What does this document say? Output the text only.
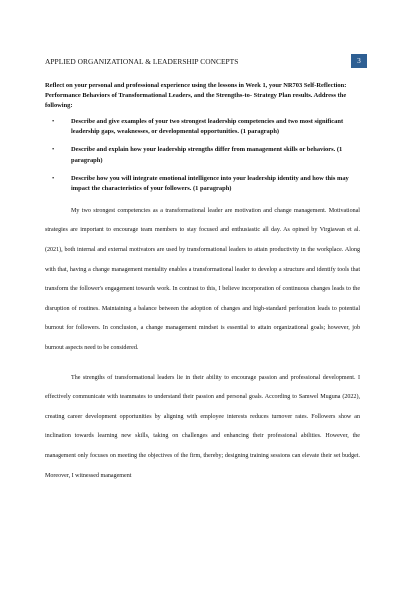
APPLIED ORGANIZATIONAL & LEADERSHIP CONCEPTS	3

Reflect on your personal and professional experience using the lessons in Week 1, your NR703 Self-Reflection: Performance Behaviors of Transformational Leaders, and the Strengths-to- Strategy Plan results. Address the following:

•	Describe and give examples of your two strongest leadership competencies and two most significant leadership gaps, weaknesses, or developmental opportunities. (1 paragraph)
•	Describe and explain how your leadership strengths differ from management skills or behaviors. (1 paragraph)
•	Describe how you will integrate emotional intelligence into your leadership identity and how this may impact the characteristics of your followers. (1 paragraph)

My two strongest competencies as a transformational leader are motivation and change management. Motivational strategies are important to encourage team members to stay focused and enthusiastic all day. As opined by Virgiawan et al. (2021), both internal and external motivators are used by transformational leaders to attain productivity in the workplace. Along with that, having a change management mentality enables a transformational leader to develop a structure and identify tools that transform the follower's engagement towards work. In contrast to this, I believe incorporation of continuous changes leads to the disruption of routines. Maintaining a balance between the adoption of changes and high-standard perforation leads to potential burnout for followers. In conclusion, a change management mindset is essential to attain organizational goals; however, job burnout aspects need to be considered.

The strengths of transformational leaders lie in their ability to encourage passion and professional development. I effectively communicate with teammates to understand their passion and personal goals. According to Samwel Muguna (2022), creating career development opportunities by aligning with employee interests reduces turnover rates. Followers show an inclination towards learning new skills, taking on challenges and enhancing their professional abilities. However, the management only focuses on meeting the objectives of the firm, thereby; designing training sessions can elevate their set budget. Moreover, I witnessed management
